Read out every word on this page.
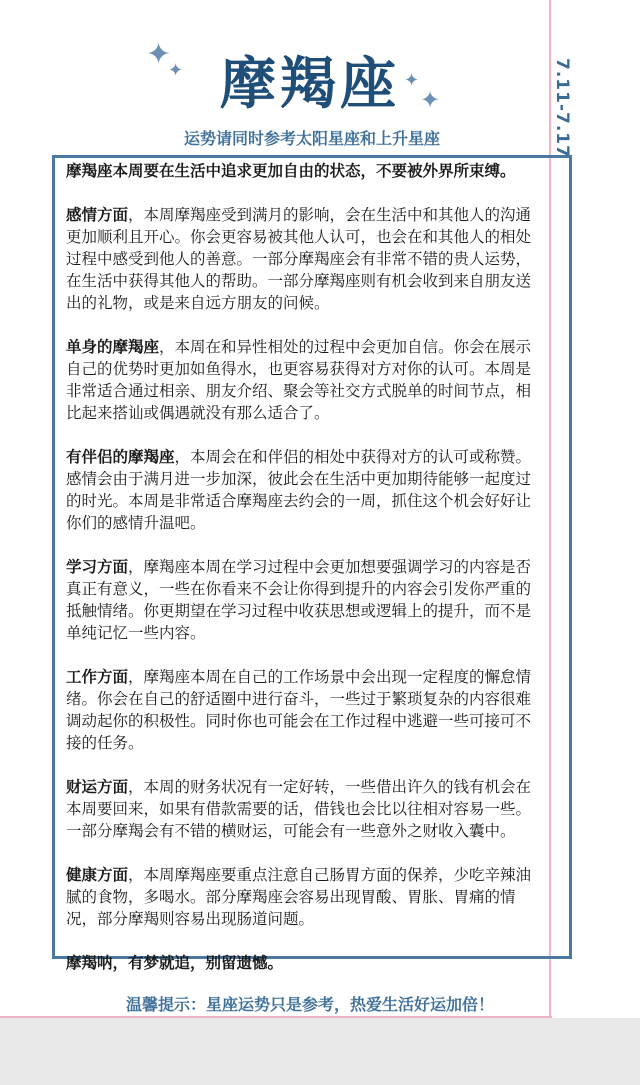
✦
✦	✦
✦
摩羯座
运势请同时参考太阳星座和上升星座	7.11-7.17

摩羯座本周要在生活中追求更加自由的状态，不要被外界所束缚。

感情方面，本周摩羯座受到满月的影响，会在生活中和其他人的沟通更加顺利且开心。你会更容易被其他人认可，也会在和其他人的相处过程中感受到他人的善意。一部分摩羯座会有非常不错的贵人运势，在生活中获得其他人的帮助。一部分摩羯座则有机会收到来自朋友送出的礼物，或是来自远方朋友的问候。

单身的摩羯座，本周在和异性相处的过程中会更加自信。你会在展示自己的优势时更加如鱼得水，也更容易获得对方对你的认可。本周是非常适合通过相亲、朋友介绍、聚会等社交方式脱单的时间节点，相比起来搭讪或偶遇就没有那么适合了。

有伴侣的摩羯座，本周会在和伴侣的相处中获得对方的认可或称赞。感情会由于满月进一步加深，彼此会在生活中更加期待能够一起度过的时光。本周是非常适合摩羯座去约会的一周，抓住这个机会好好让你们的感情升温吧。

学习方面，摩羯座本周在学习过程中会更加想要强调学习的内容是否真正有意义，一些在你看来不会让你得到提升的内容会引发你严重的抵触情绪。你更期望在学习过程中收获思想或逻辑上的提升，而不是单纯记忆一些内容。

工作方面，摩羯座本周在自己的工作场景中会出现一定程度的懈怠情绪。你会在自己的舒适圈中进行奋斗，一些过于繁琐复杂的内容很难调动起你的积极性。同时你也可能会在工作过程中逃避一些可接可不接的任务。

财运方面，本周的财务状况有一定好转，一些借出许久的钱有机会在本周要回来，如果有借款需要的话，借钱也会比以往相对容易一些。一部分摩羯会有不错的横财运，可能会有一些意外之财收入囊中。

健康方面，本周摩羯座要重点注意自己肠胃方面的保养，少吃辛辣油腻的食物，多喝水。部分摩羯座会容易出现胃酸、胃胀、胃痛的情况，部分摩羯则容易出现肠道问题。

摩羯呐，有梦就追，别留遗憾。

温馨提示：星座运势只是参考，热爱生活好运加倍！
